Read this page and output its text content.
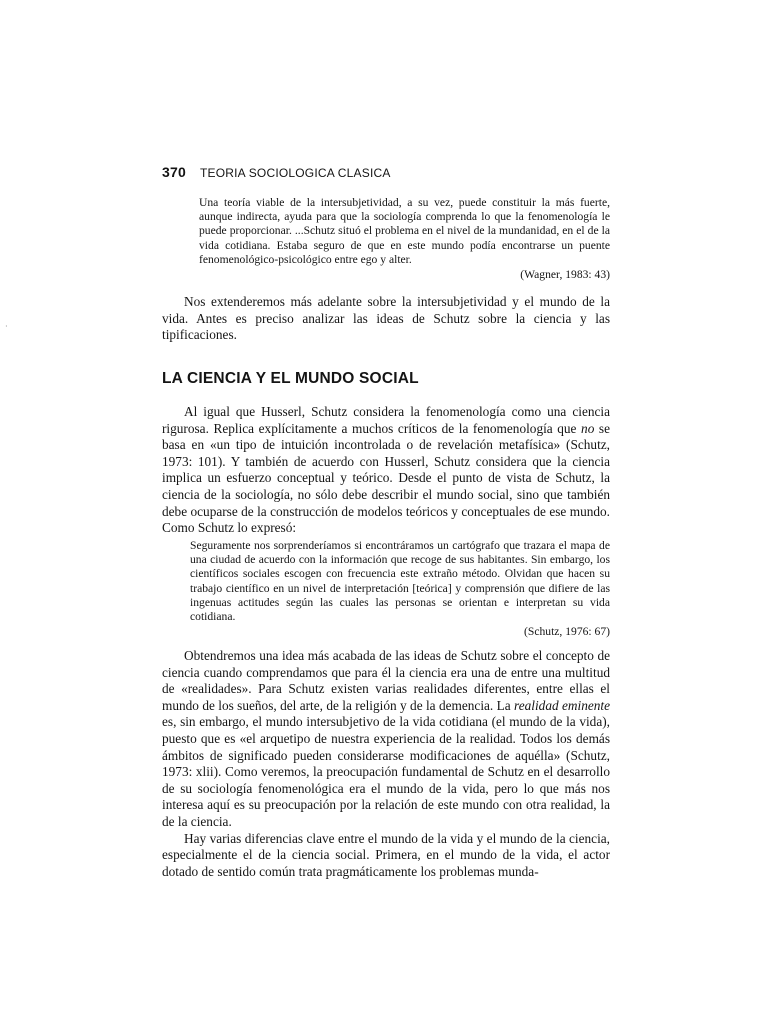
370 TEORIA SOCIOLOGICA CLASICA

Una teoría viable de la intersubjetividad, a su vez, puede constituir la más fuerte, aunque indirecta, ayuda para que la sociología comprenda lo que la fenomenología le puede proporcionar. ...Schutz situó el problema en el nivel de la mundanidad, en el de la vida cotidiana. Estaba seguro de que en este mundo podía encontrarse un puente fenomenológico-psicológico entre ego y alter.

(Wagner, 1983: 43)

Nos extenderemos más adelante sobre la intersubjetividad y el mundo de la vida. Antes es preciso analizar las ideas de Schutz sobre la ciencia y las tipificaciones.

·
LA CIENCIA Y EL MUNDO SOCIAL

Al igual que Husserl, Schutz considera la fenomenología como una ciencia rigurosa. Replica explícitamente a muchos críticos de la fenomenología que no se basa en «un tipo de intuición incontrolada o de revelación metafísica» (Schutz, 1973: 101). Y también de acuerdo con Husserl, Schutz considera que la ciencia implica un esfuerzo conceptual y teórico. Desde el punto de vista de Schutz, la ciencia de la sociología, no sólo debe describir el mundo social, sino que también debe ocuparse de la construcción de modelos teóricos y conceptuales de ese mundo. Como Schutz lo expresó:

Seguramente nos sorprenderíamos si encontráramos un cartógrafo que trazara el mapa de una ciudad de acuerdo con la información que recoge de sus habitantes. Sin embargo, los científicos sociales escogen con frecuencia este extraño método. Olvidan que hacen su trabajo científico en un nivel de interpretación [teórica] y comprensión que difiere de las ingenuas actitudes según las cuales las personas se orientan e interpretan su vida cotidiana.

(Schutz, 1976: 67)

Obtendremos una idea más acabada de las ideas de Schutz sobre el concepto de ciencia cuando comprendamos que para él la ciencia era una de entre una multitud de «realidades». Para Schutz existen varias realidades diferentes, entre ellas el mundo de los sueños, del arte, de la religión y de la demencia. La realidad eminente es, sin embargo, el mundo intersubjetivo de la vida cotidiana (el mundo de la vida), puesto que es «el arquetipo de nuestra experiencia de la realidad. Todos los demás ámbitos de significado pueden considerarse modificaciones de aquélla» (Schutz, 1973: xlii). Como veremos, la preocupación fundamental de Schutz en el desarrollo de su sociología fenomenológica era el mundo de la vida, pero lo que más nos interesa aquí es su preocupación por la relación de este mundo con otra realidad, la de la ciencia.

Hay varias diferencias clave entre el mundo de la vida y el mundo de la ciencia, especialmente el de la ciencia social. Primera, en el mundo de la vida, el actor dotado de sentido común trata pragmáticamente los problemas munda-
